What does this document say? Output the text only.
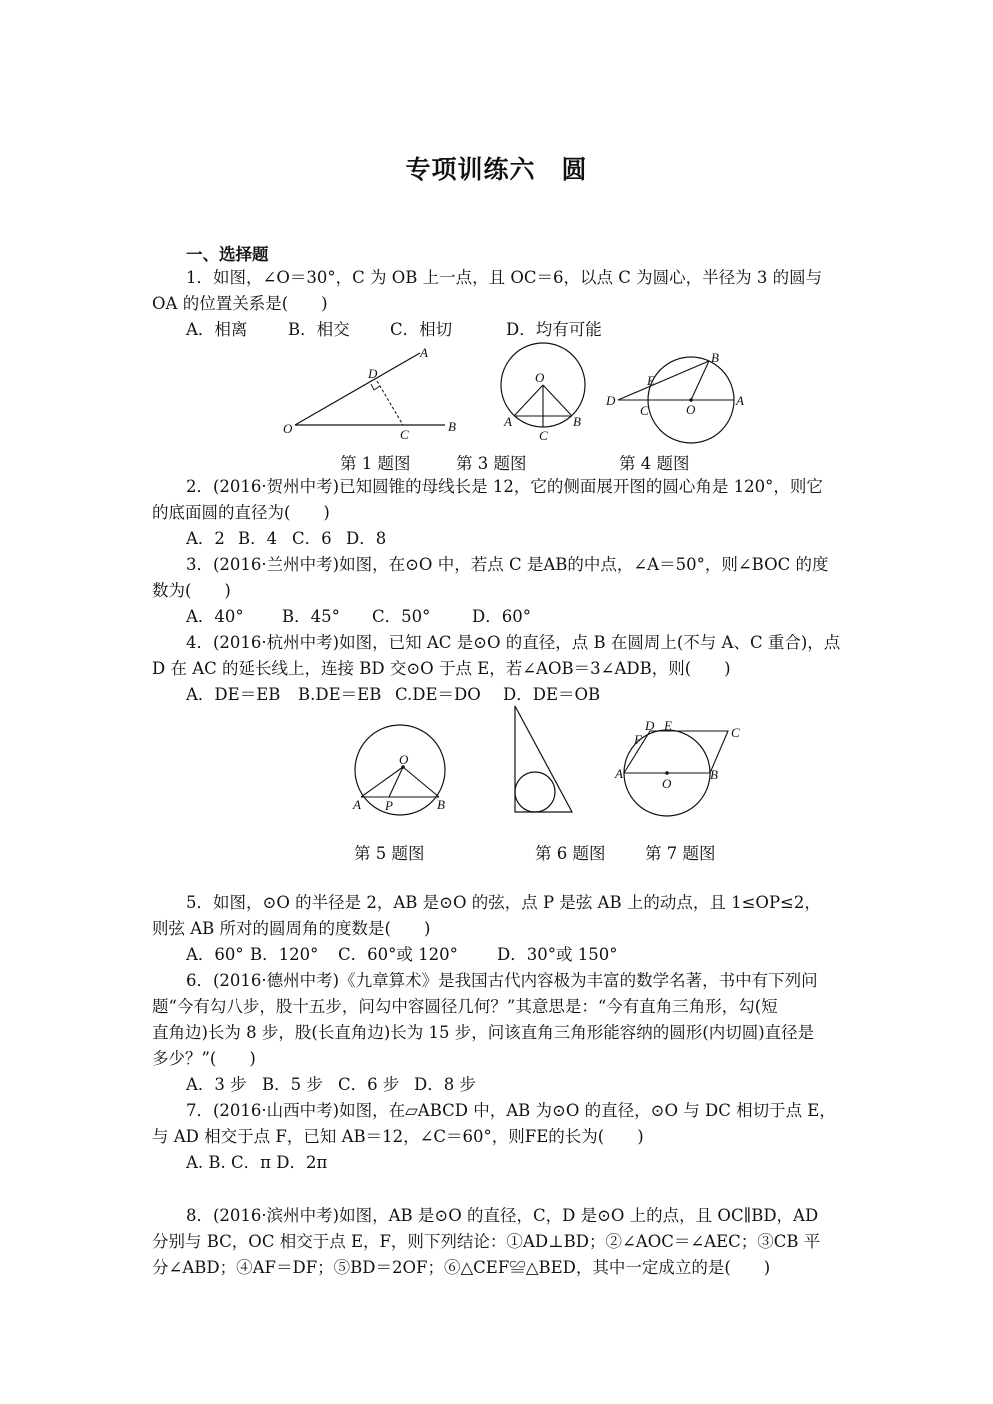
专项训练六　圆
一、选择题
1．如图，∠O＝30°，C 为 OB 上一点，且 OC＝6，以点 C 为圆心，半径为 3 的圆与
OA 的位置关系是(　　)
A．相离 B．相交 C．相切	D．均有可能
A
D
O	C
B
O
A
C
B
B
E
D
C	O
A
第 1 题图	第 3 题图	第 4 题图
2．(2016·贺州中考)已知圆锥的母线长是 12，它的侧面展开图的圆心角是 120°，则它
的底面圆的直径为(　　)
A．2 B．4 C．6 D．8
3．(2016·兰州中考)如图，在⊙O 中，若点 C 是AB的中点，∠A＝50°，则∠BOC 的度
数为(　　)
A．40° B．45° C．50°	D．60°
4．(2016·杭州中考)如图，已知 AC 是⊙O 的直径，点 B 在圆周上(不与 A、C 重合)，点
D 在 AC 的延长线上，连接 BD 交⊙O 于点 E，若∠AOB＝3∠ADB，则(　　)
A．DE＝EB B.DE＝EB C.DE＝DO D．DE＝OB
O
A P	B
D E	C
F
A
O
B
第 5 题图	第 6 题图 第 7 题图
5．如图，⊙O 的半径是 2，AB 是⊙O 的弦，点 P 是弦 AB 上的动点，且 1≤OP≤2，
则弦 AB 所对的圆周角的度数是(　　)
A．60° B．120° C．60°或 120° D．30°或 150°
6．(2016·德州中考)《九章算术》是我国古代内容极为丰富的数学名著，书中有下列问
题“今有勾八步，股十五步，问勾中容圆径几何？”其意思是：“今有直角三角形，勾(短
直角边)长为 8 步，股(长直角边)长为 15 步，问该直角三角形能容纳的圆形(内切圆)直径是
多少？”(　　)
A．3 步 B．5 步 C．6 步 D．8 步
7．(2016·山西中考)如图，在▱ABCD 中，AB 为⊙O 的直径，⊙O 与 DC 相切于点 E，
与 AD 相交于点 F，已知 AB＝12，∠C＝60°，则FE的长为(　　)
A. B. C．π D．2π
8．(2016·滨州中考)如图，AB 是⊙O 的直径，C，D 是⊙O 上的点，且 OC∥BD，AD
分别与 BC，OC 相交于点 E，F，则下列结论：①AD⊥BD；②∠AOC＝∠AEC；③CB 平
分∠ABD；④AF＝DF；⑤BD＝2OF；⑥△CEF≌△BED，其中一定成立的是(　　)
